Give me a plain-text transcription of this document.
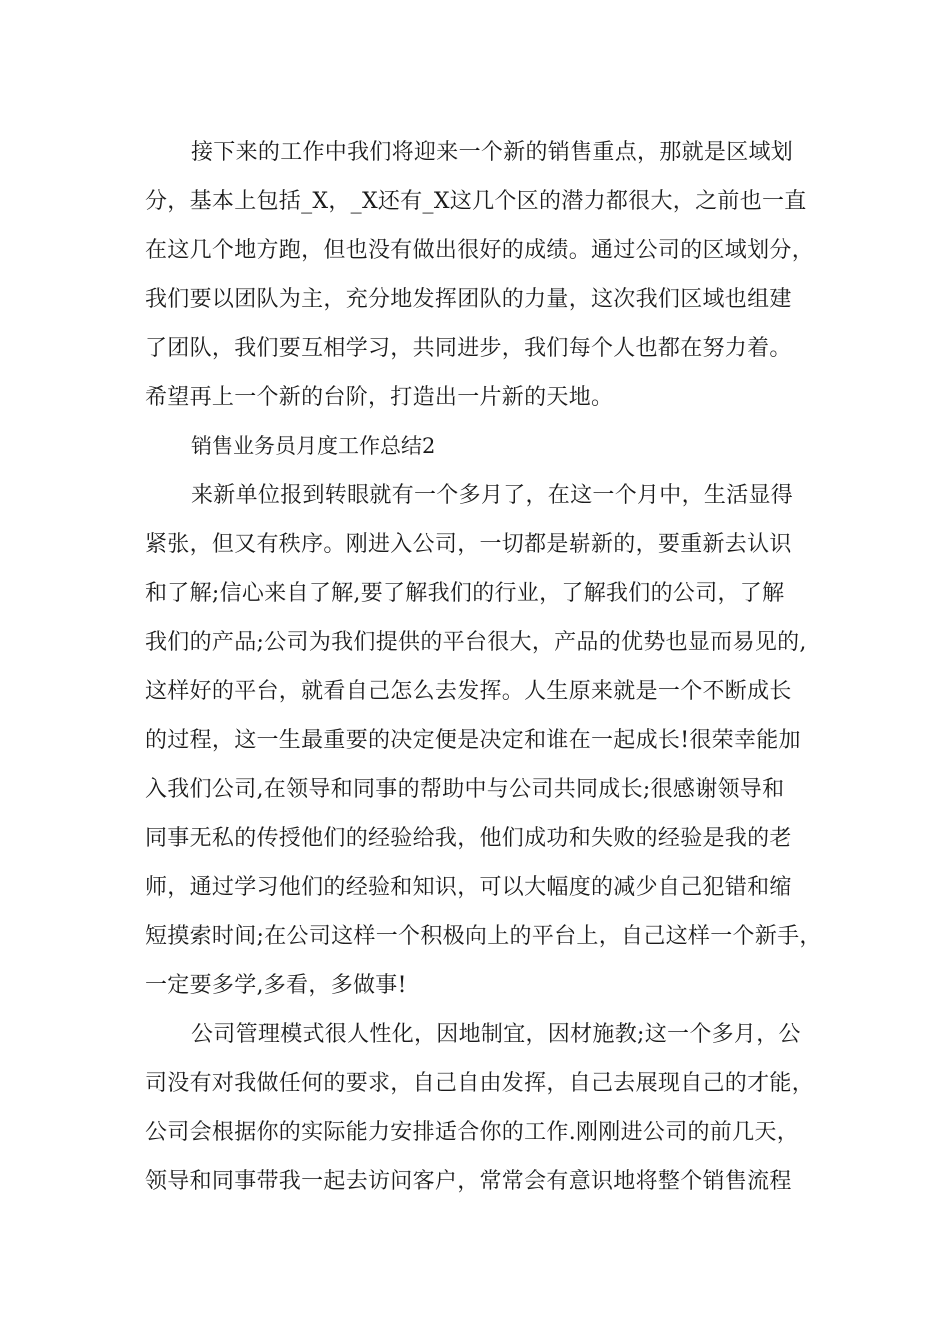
接下来的工作中我们将迎来一个新的销售重点，那就是区域划
分，基本上包括_X，_X还有_X这几个区的潜力都很大，之前也一直
在这几个地方跑，但也没有做出很好的成绩。通过公司的区域划分，
我们要以团队为主，充分地发挥团队的力量，这次我们区域也组建
了团队，我们要互相学习，共同进步，我们每个人也都在努力着。
希望再上一个新的台阶，打造出一片新的天地。

销售业务员月度工作总结2

来新单位报到转眼就有一个多月了，在这一个月中，生活显得
紧张，但又有秩序。刚进入公司，一切都是崭新的，要重新去认识
和了解;信心来自了解,要了解我们的行业，了解我们的公司，了解
我们的产品;公司为我们提供的平台很大，产品的优势也显而易见的,
这样好的平台，就看自己怎么去发挥。人生原来就是一个不断成长
的过程，这一生最重要的决定便是决定和谁在一起成长!很荣幸能加
入我们公司,在领导和同事的帮助中与公司共同成长;很感谢领导和
同事无私的传授他们的经验给我，他们成功和失败的经验是我的老
师，通过学习他们的经验和知识，可以大幅度的减少自己犯错和缩
短摸索时间;在公司这样一个积极向上的平台上，自己这样一个新手，
一定要多学,多看，多做事!

公司管理模式很人性化，因地制宜，因材施教;这一个多月，公
司没有对我做任何的要求，自己自由发挥，自己去展现自己的才能，
公司会根据你的实际能力安排适合你的工作.刚刚进公司的前几天，
领导和同事带我一起去访问客户，常常会有意识地将整个销售流程
